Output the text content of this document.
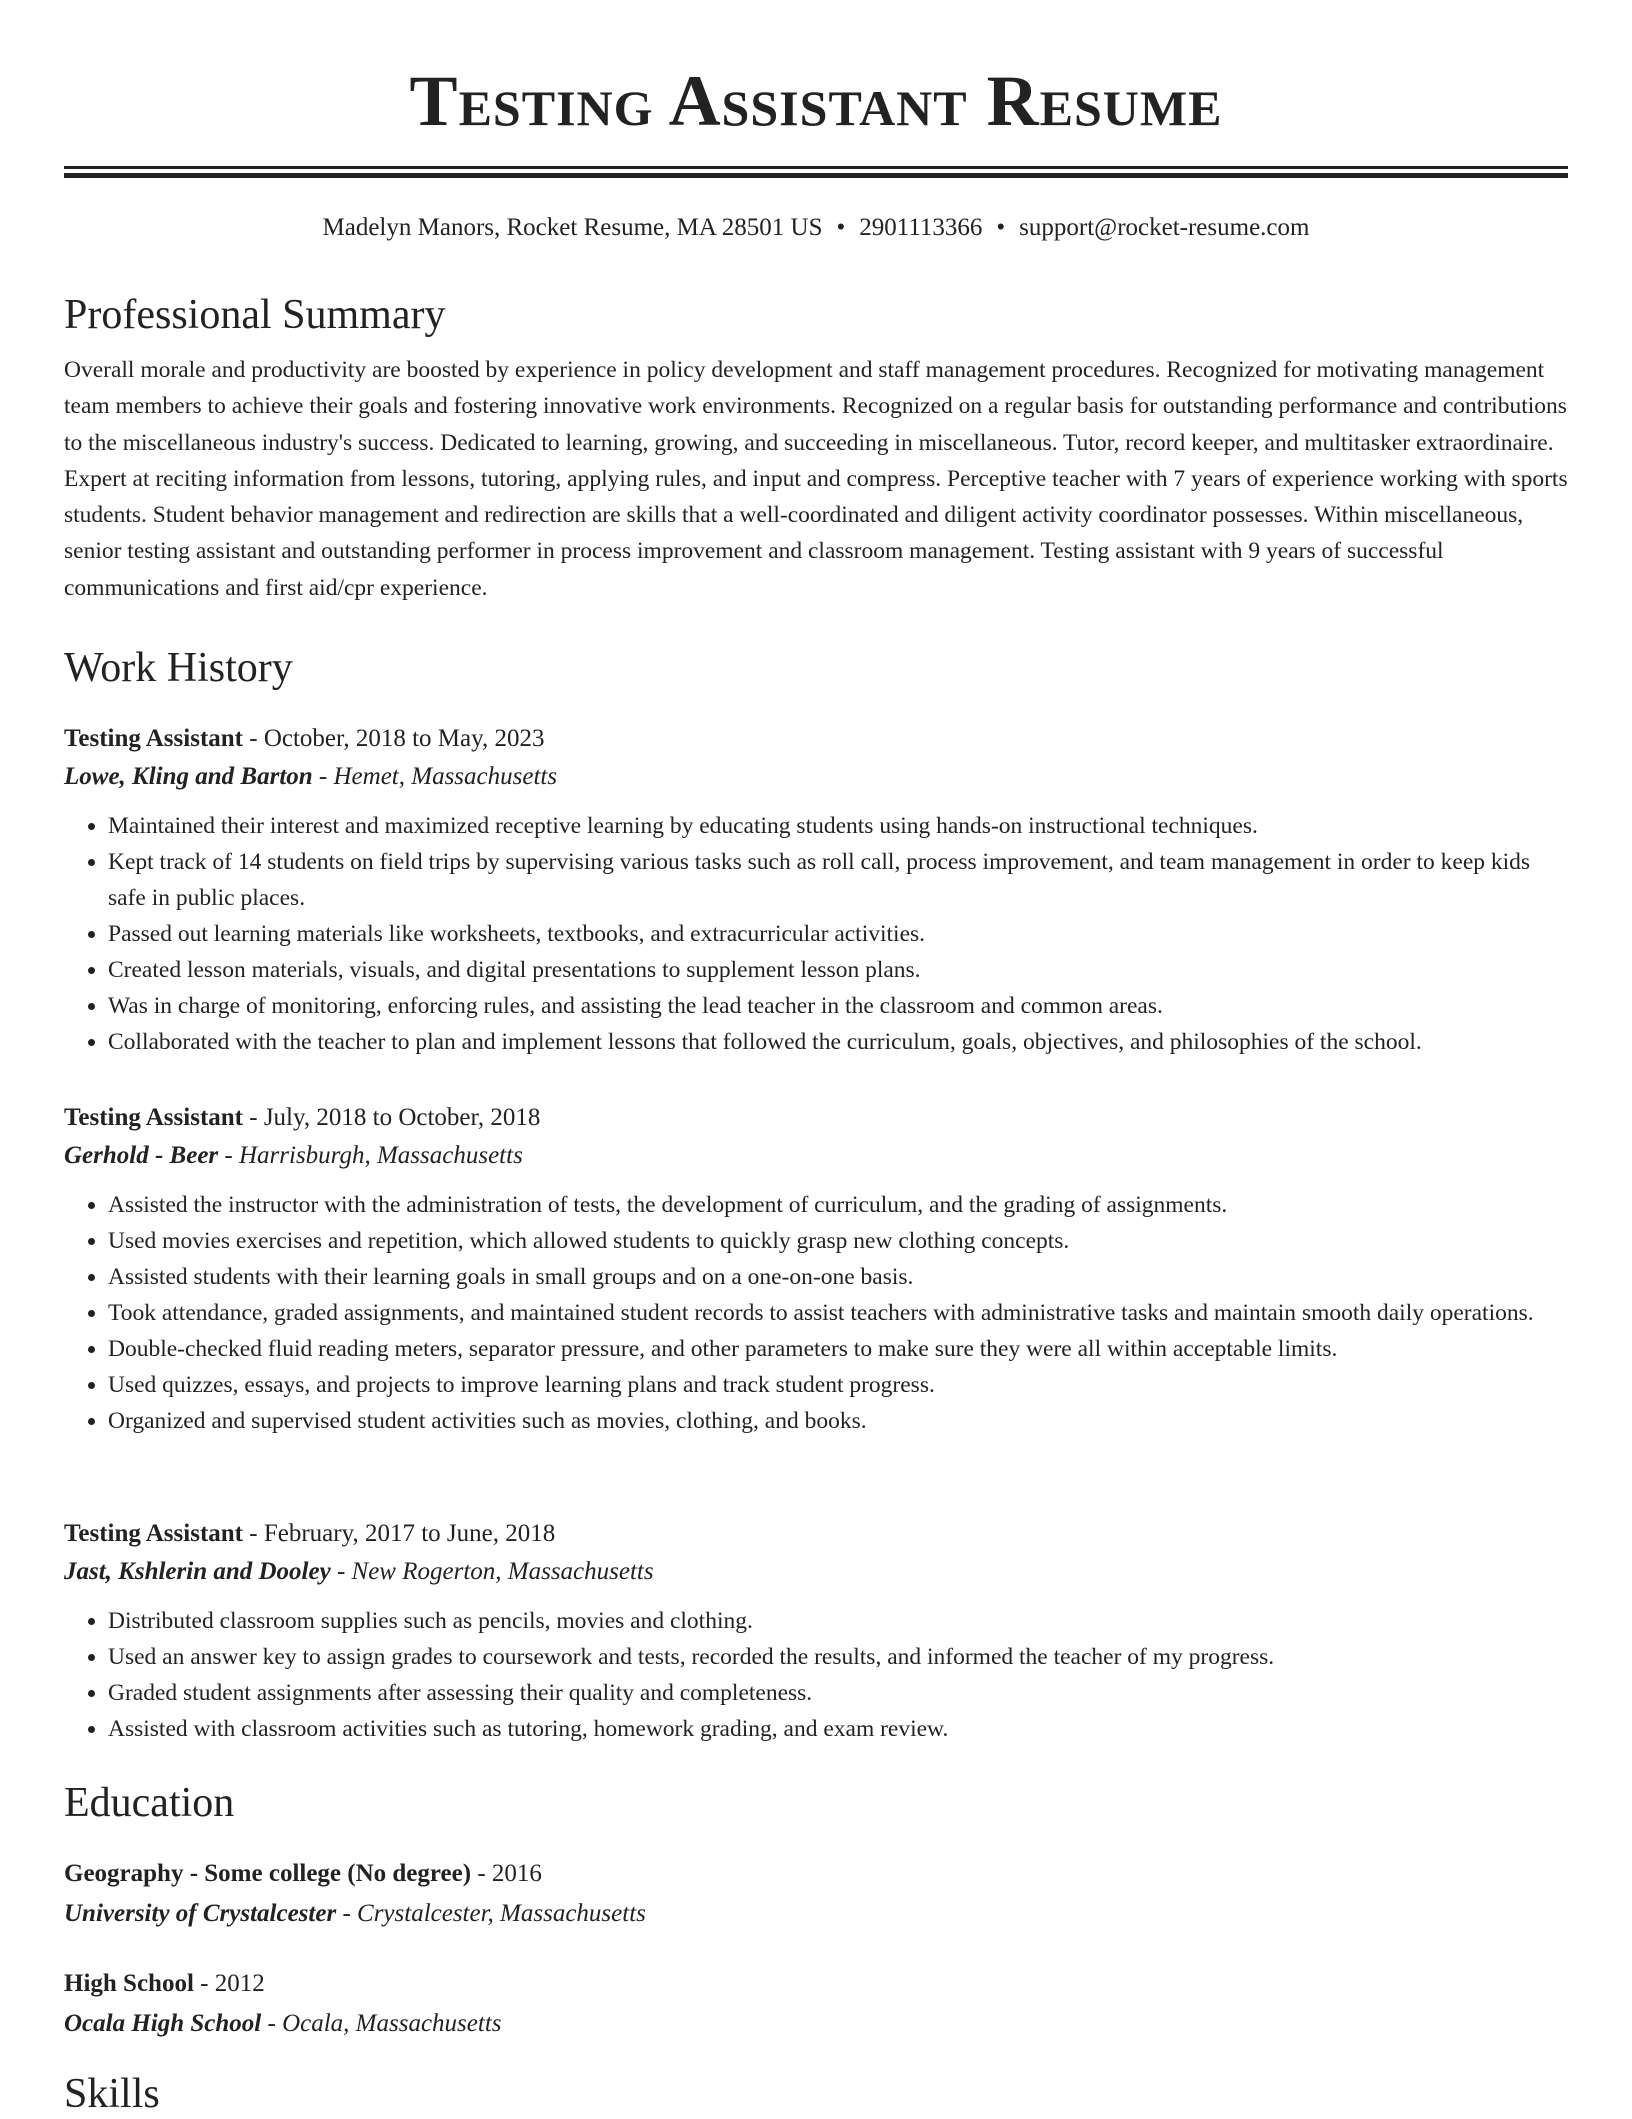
Testing Assistant Resume
Madelyn Manors, Rocket Resume, MA 28501 US • 2901113366 • support@rocket-resume.com
Professional Summary
Overall morale and productivity are boosted by experience in policy development and staff management procedures. Recognized for motivating management team members to achieve their goals and fostering innovative work environments. Recognized on a regular basis for outstanding performance and contributions to the miscellaneous industry's success. Dedicated to learning, growing, and succeeding in miscellaneous. Tutor, record keeper, and multitasker extraordinaire. Expert at reciting information from lessons, tutoring, applying rules, and input and compress. Perceptive teacher with 7 years of experience working with sports students. Student behavior management and redirection are skills that a well-coordinated and diligent activity coordinator possesses. Within miscellaneous, senior testing assistant and outstanding performer in process improvement and classroom management. Testing assistant with 9 years of successful communications and first aid/cpr experience.
Work History
Testing Assistant - October, 2018 to May, 2023
Lowe, Kling and Barton - Hemet, Massachusetts
• Maintained their interest and maximized receptive learning by educating students using hands-on instructional techniques.
• Kept track of 14 students on field trips by supervising various tasks such as roll call, process improvement, and team management in order to keep kids safe in public places.
• Passed out learning materials like worksheets, textbooks, and extracurricular activities.
• Created lesson materials, visuals, and digital presentations to supplement lesson plans.
• Was in charge of monitoring, enforcing rules, and assisting the lead teacher in the classroom and common areas.
• Collaborated with the teacher to plan and implement lessons that followed the curriculum, goals, objectives, and philosophies of the school.
Testing Assistant - July, 2018 to October, 2018
Gerhold - Beer - Harrisburgh, Massachusetts
• Assisted the instructor with the administration of tests, the development of curriculum, and the grading of assignments.
• Used movies exercises and repetition, which allowed students to quickly grasp new clothing concepts.
• Assisted students with their learning goals in small groups and on a one-on-one basis.
• Took attendance, graded assignments, and maintained student records to assist teachers with administrative tasks and maintain smooth daily operations.
• Double-checked fluid reading meters, separator pressure, and other parameters to make sure they were all within acceptable limits.
• Used quizzes, essays, and projects to improve learning plans and track student progress.
• Organized and supervised student activities such as movies, clothing, and books.
Testing Assistant - February, 2017 to June, 2018
Jast, Kshlerin and Dooley - New Rogerton, Massachusetts
• Distributed classroom supplies such as pencils, movies and clothing.
• Used an answer key to assign grades to coursework and tests, recorded the results, and informed the teacher of my progress.
• Graded student assignments after assessing their quality and completeness.
• Assisted with classroom activities such as tutoring, homework grading, and exam review.
Education
Geography - Some college (No degree) - 2016
University of Crystalcester - Crystalcester, Massachusetts
High School - 2012
Ocala High School - Ocala, Massachusetts
Skills
